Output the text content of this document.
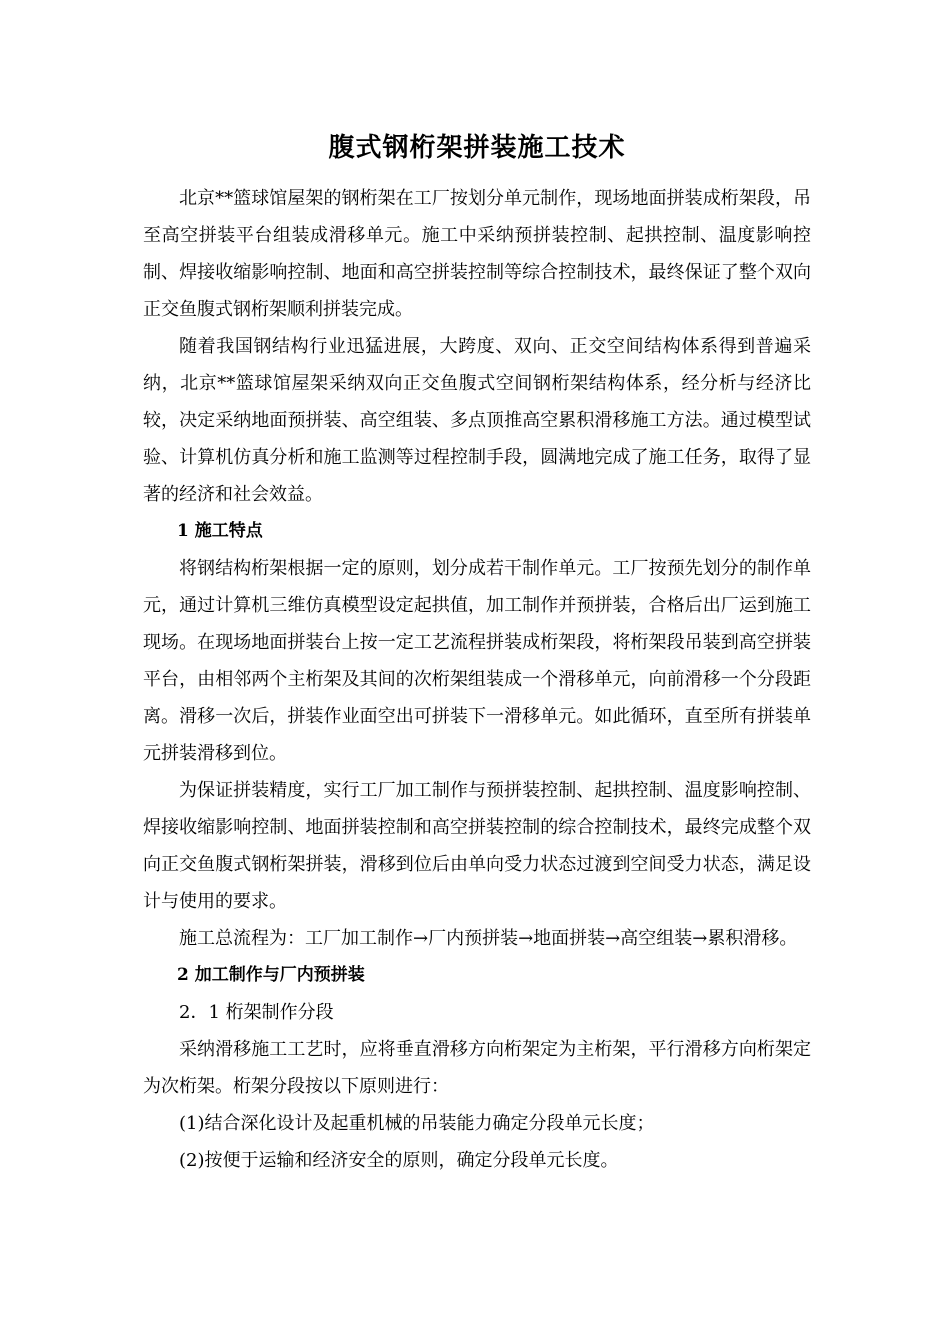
腹式钢桁架拼装施工技术

北京**篮球馆屋架的钢桁架在工厂按划分单元制作，现场地面拼装成桁架段，吊至高空拼装平台组装成滑移单元。施工中采纳预拼装控制、起拱控制、温度影响控制、焊接收缩影响控制、地面和高空拼装控制等综合控制技术，最终保证了整个双向正交鱼腹式钢桁架顺利拼装完成。

随着我国钢结构行业迅猛进展，大跨度、双向、正交空间结构体系得到普遍采纳，北京**篮球馆屋架采纳双向正交鱼腹式空间钢桁架结构体系，经分析与经济比较，决定采纳地面预拼装、高空组装、多点顶推高空累积滑移施工方法。通过模型试验、计算机仿真分析和施工监测等过程控制手段，圆满地完成了施工任务，取得了显著的经济和社会效益。

1 施工特点

将钢结构桁架根据一定的原则，划分成若干制作单元。工厂按预先划分的制作单元，通过计算机三维仿真模型设定起拱值，加工制作并预拼装，合格后出厂运到施工现场。在现场地面拼装台上按一定工艺流程拼装成桁架段，将桁架段吊装到高空拼装平台，由相邻两个主桁架及其间的次桁架组装成一个滑移单元，向前滑移一个分段距离。滑移一次后，拼装作业面空出可拼装下一滑移单元。如此循环，直至所有拼装单元拼装滑移到位。

为保证拼装精度，实行工厂加工制作与预拼装控制、起拱控制、温度影响控制、焊接收缩影响控制、地面拼装控制和高空拼装控制的综合控制技术，最终完成整个双向正交鱼腹式钢桁架拼装，滑移到位后由单向受力状态过渡到空间受力状态，满足设计与使用的要求。

施工总流程为：工厂加工制作→厂内预拼装→地面拼装→高空组装→累积滑移。

2 加工制作与厂内预拼装

2．1 桁架制作分段

采纳滑移施工工艺时，应将垂直滑移方向桁架定为主桁架，平行滑移方向桁架定为次桁架。桁架分段按以下原则进行：

(1)结合深化设计及起重机械的吊装能力确定分段单元长度；

(2)按便于运输和经济安全的原则，确定分段单元长度。
